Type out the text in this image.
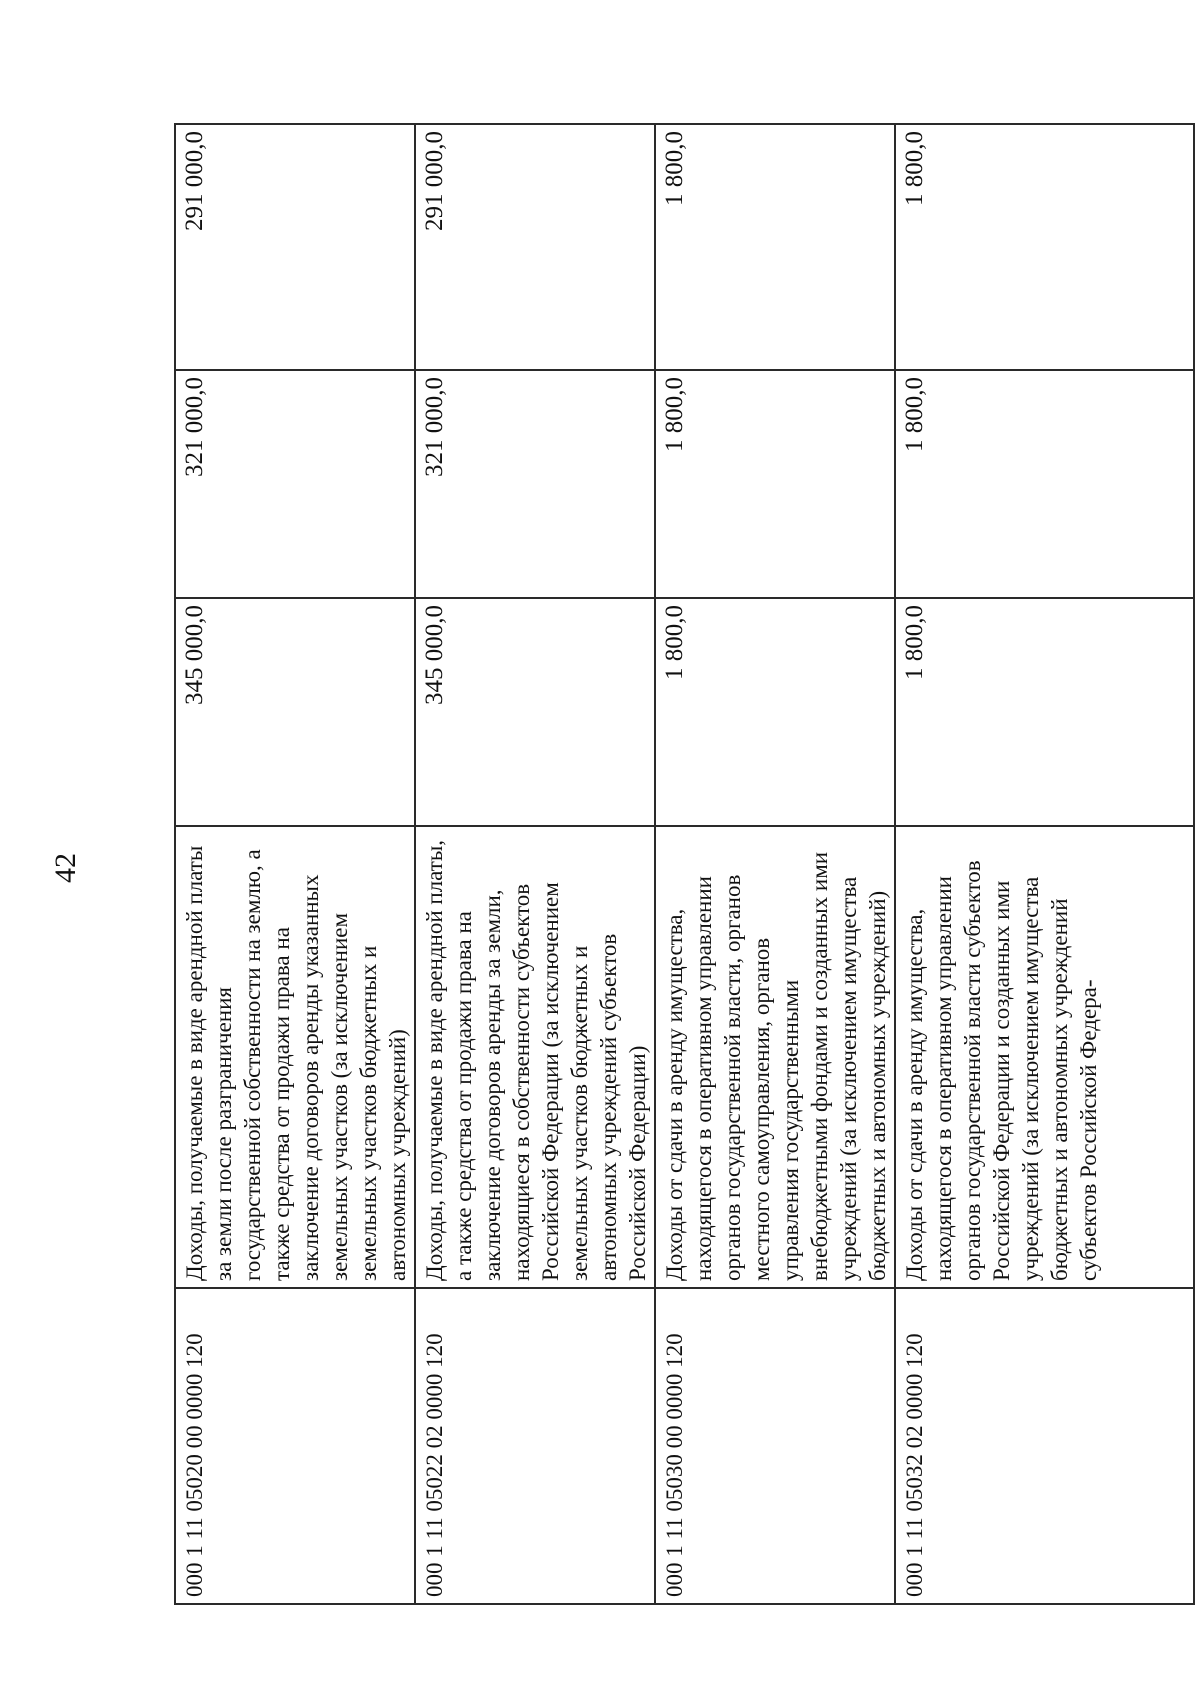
42
000 1 11 05020 00 0000 120	Доходы, получаемые в виде арендной платы за земли после разграничения государственной собственности на землю, а также средства от продажи права на заключение договоров аренды указанных земельных участков (за исключением земельных участков бюджетных и автономных учреждений)	345 000,0	321 000,0	291 000,0
000 1 11 05022 02 0000 120	Доходы, получаемые в виде арендной платы, а также средства от продажи права на заключение договоров аренды за земли, находящиеся в собственности субъектов Российской Федерации (за исключением земельных участков бюджетных и автономных учреждений субъектов Российской Федерации)	345 000,0	321 000,0	291 000,0
000 1 11 05030 00 0000 120	Доходы от сдачи в аренду имущества, находящегося в оперативном управлении органов государственной власти, органов местного самоуправления, органов управления государственными внебюджетными фондами и созданных ими учреждений (за исключением имущества бюджетных и автономных учреждений)	1 800,0	1 800,0	1 800,0
000 1 11 05032 02 0000 120	Доходы от сдачи в аренду имущества, находящегося в оперативном управлении органов государственной власти субъектов Российской Федерации и созданных ими учреждений (за исключением имущества бюджетных и автономных учреждений субъектов Российской Федера-	1 800,0	1 800,0	1 800,0
